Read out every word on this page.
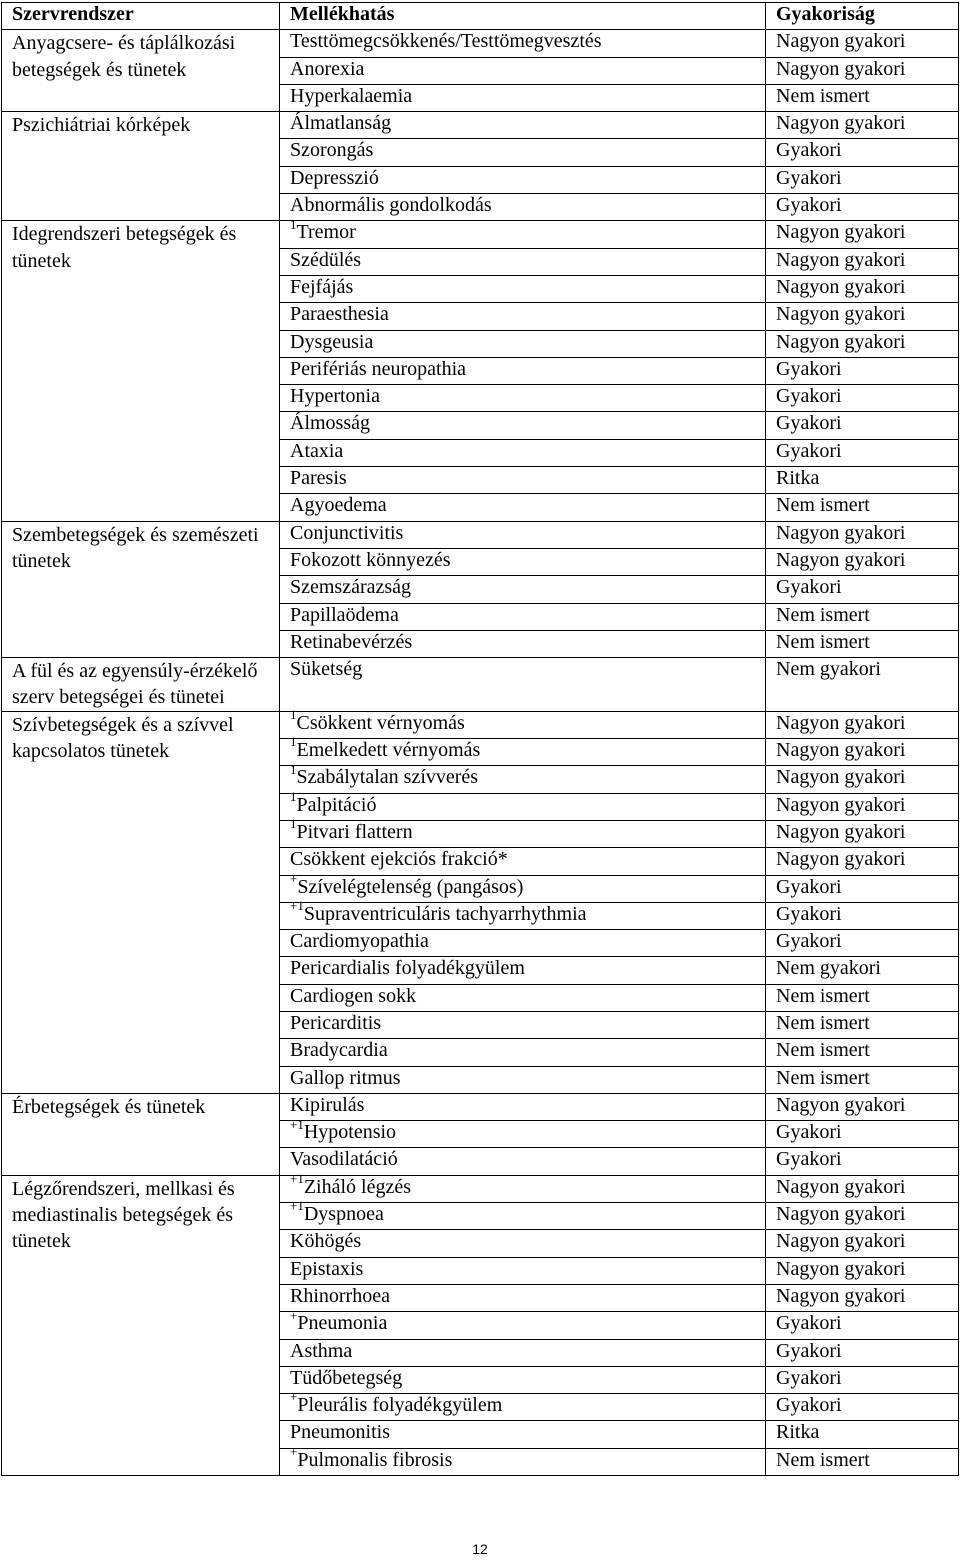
Szervrendszer	Mellékhatás	Gyakoriság
Anyagcsere- és táplálkozási betegségek és tünetek	Testtömegcsökkenés/Testtömegvesztés	Nagyon gyakori
	Anorexia	Nagyon gyakori
	Hyperkalaemia	Nem ismert
Pszichiátriai kórképek	Álmatlanság	Nagyon gyakori
	Szorongás	Gyakori
	Depresszió	Gyakori
	Abnormális gondolkodás	Gyakori
Idegrendszeri betegségek és tünetek	$^1$Tremor	Nagyon gyakori
	Szédülés	Nagyon gyakori
	Fejfájás	Nagyon gyakori
	Paraesthesia	Nagyon gyakori
	Dysgeusia	Nagyon gyakori
	Perifériás neuropathia	Gyakori
	Hypertonia	Gyakori
	Álmosság	Gyakori
	Ataxia	Gyakori
	Paresis	Ritka
	Agyoedema	Nem ismert
Szembetegségek és szemészeti tünetek	Conjunctivitis	Nagyon gyakori
	Fokozott könnyezés	Nagyon gyakori
	Szemszárazság	Gyakori
	Papillaödema	Nem ismert
	Retinabevérzés	Nem ismert
A fül és az egyensúly-érzékelő szerv betegségei és tünetei	Süketség	Nem gyakori
Szívbetegségek és a szívvel kapcsolatos tünetek	$^1$Csökkent vérnyomás	Nagyon gyakori
	$^1$Emelkedett vérnyomás	Nagyon gyakori
	$^1$Szabálytalan szívverés	Nagyon gyakori
	$^1$Palpitáció	Nagyon gyakori
	$^1$Pitvari flattern	Nagyon gyakori
	Csökkent ejekciós frakció*	Nagyon gyakori
	+Szívelégtelenség (pangásos)	Gyakori
	$^{+1}$Supraventriculáris tachyarrhythmia	Gyakori
	Cardiomyopathia	Gyakori
	Pericardialis folyadékgyülem	Nem gyakori
	Cardiogen sokk	Nem ismert
	Pericarditis	Nem ismert
	Bradycardia	Nem ismert
	Gallop ritmus	Nem ismert
Érbetegségek és tünetek	Kipirulás	Nagyon gyakori
	$^{+1}$Hypotensio	Gyakori
	Vasodilatáció	Gyakori
Légzőrendszeri, mellkasi és mediastinalis betegségek és tünetek	$^{+1}$Ziháló légzés	Nagyon gyakori
	$^{+1}$Dyspnoea	Nagyon gyakori
	Köhögés	Nagyon gyakori
	Epistaxis	Nagyon gyakori
	Rhinorrhoea	Nagyon gyakori
	+Pneumonia	Gyakori
	Asthma	Gyakori
	Tüdőbetegség	Gyakori
	+Pleurális folyadékgyülem	Gyakori
	Pneumonitis	Ritka
	+Pulmonalis fibrosis	Nem ismert
12
